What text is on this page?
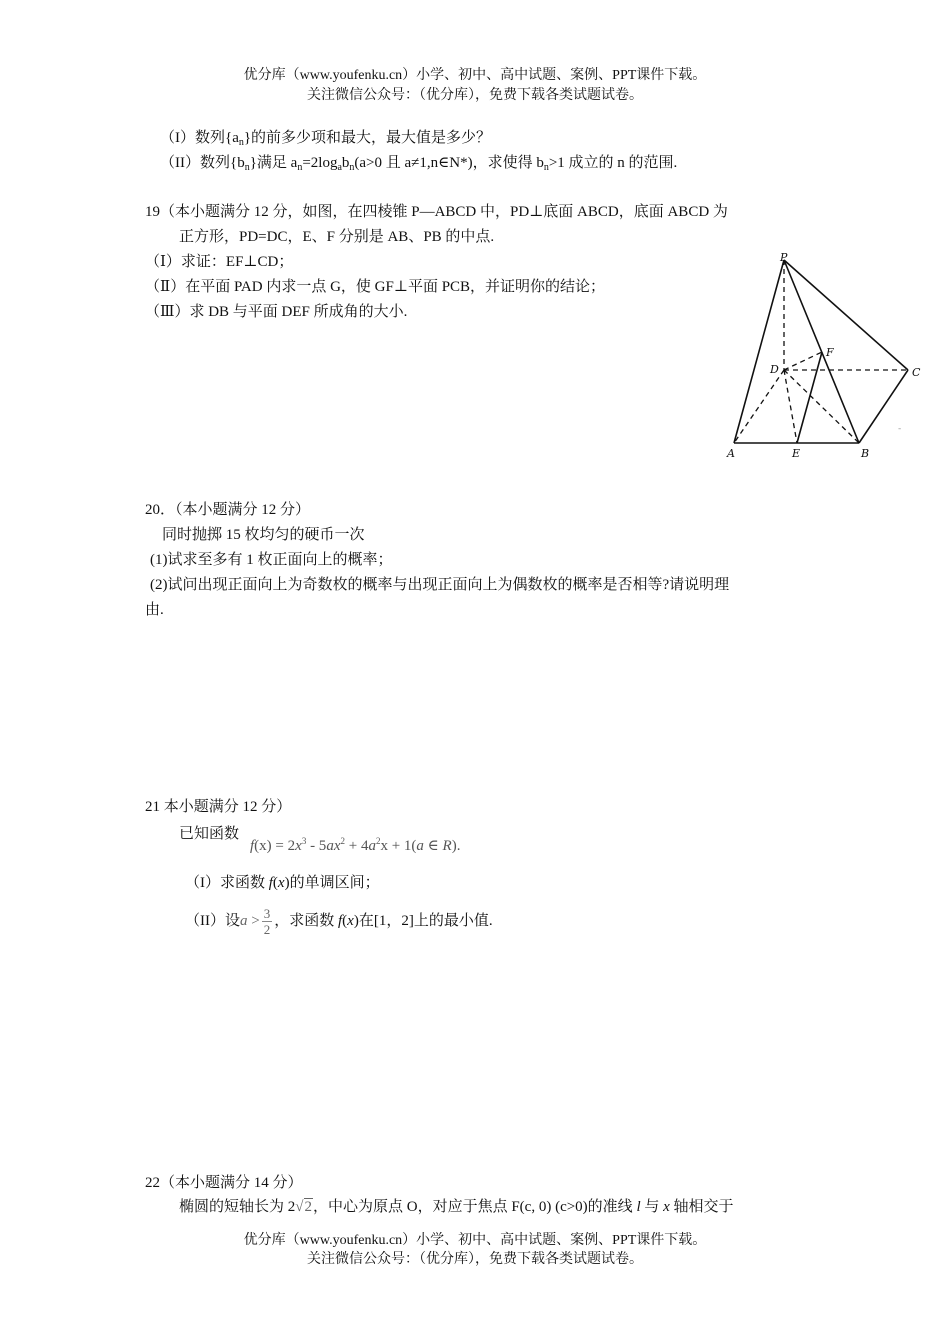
优分库（www.youfenku.cn）小学、初中、高中试题、案例、PPT课件下载。
关注微信公众号：（优分库），免费下载各类试题试卷。
（I）数列$\{a_n\}$的前多少项和最大，最大值是多少？
（II）数列$\{b_n\}$满足 $a_n=2\log_ab_n(a>0$ 且 a≠1,n∈N*)，求使得 $b_n>1$ 成立的 n 的范围.
19（本小题满分 12 分，如图，在四棱锥 P—ABCD 中，PD⊥底面 ABCD，底面 ABCD 为
正方形，PD=DC，E、F 分别是 AB、PB 的中点.
（Ⅰ）求证：EF⊥CD；
（Ⅱ）在平面 PAD 内求一点 G，使 GF⊥平面 PCB，并证明你的结论；
（Ⅲ）求 DB 与平面 DEF 所成角的大小.
P
F
D	C
A	E	B
-
20．（本小题满分 12 分）
同时抛掷 15 枚均匀的硬币一次
(1)试求至多有 1 枚正面向上的概率；
(2)试问出现正面向上为奇数枚的概率与出现正面向上为偶数枚的概率是否相等?请说明理
由.
21 本小题满分 12 分）
已知函数
$f(x) = 2x^3 - 5ax^2 + 4a^2x + 1(a$ ∈ R).
（I）求函数 f(x)的单调区间；
（II）设$a > \frac{3}{2}$ ，求函数 f(x)在[1，2]上的最小值.
22（本小题满分 14 分）
椭圆的短轴长为 2√2，中心为原点 O，对应于焦点 F(c, 0) (c>0)的准线 l 与 x 轴相交于
优分库（www.youfenku.cn）小学、初中、高中试题、案例、PPT课件下载。
关注微信公众号：（优分库），免费下载各类试题试卷。
